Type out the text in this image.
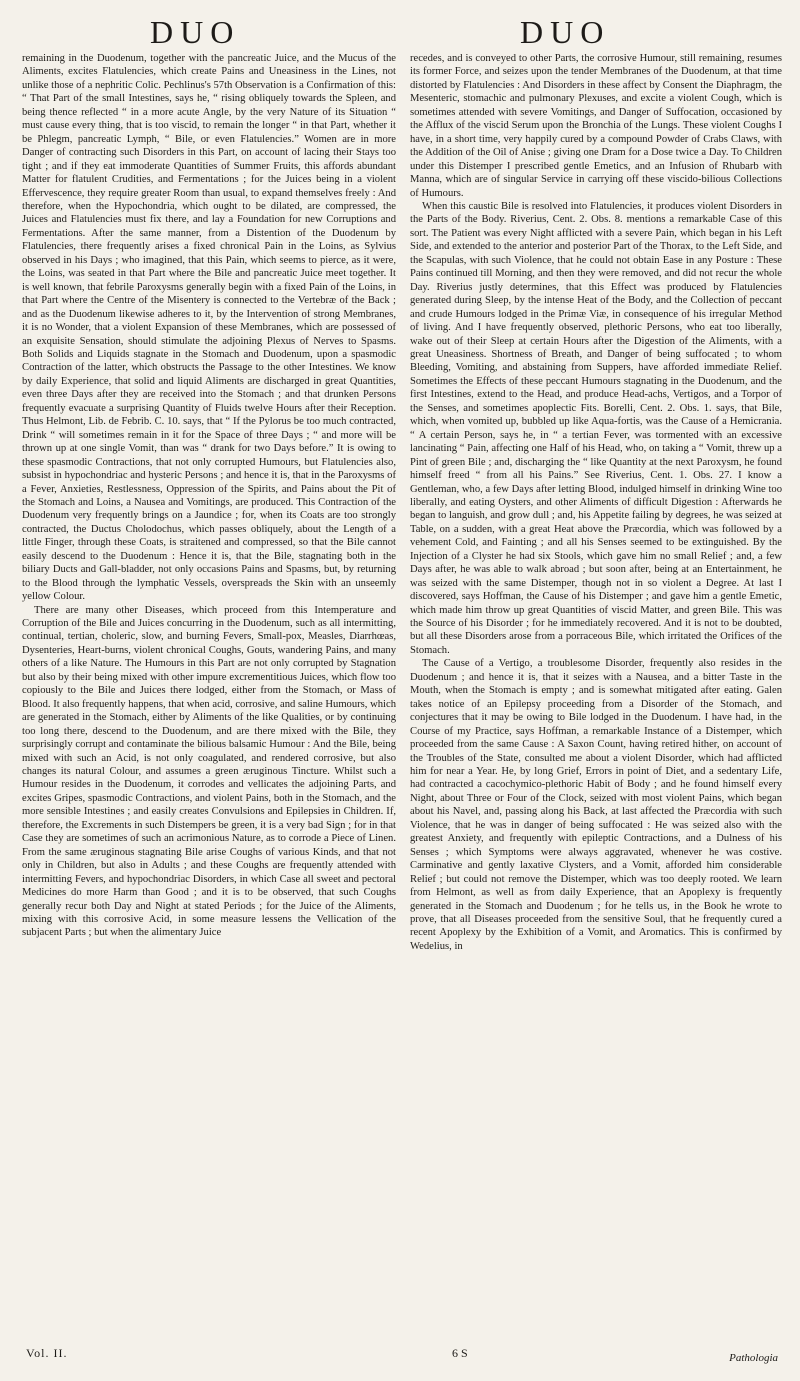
DUO	DUO

remaining in the Duodenum, together with the pancreatic Juice, and the Mucus of the Aliments, excites Flatulencies, which create Pains and Uneasiness in the Lines, not unlike those of a nephritic Colic. Pechlinus's 57th Observation is a Confirmation of this: “ That Part of the small Intestines, says he, “ rising obliquely towards the Spleen, and being thence reflected “ in a more acute Angle, by the very Nature of its Situation “ must cause every thing, that is too viscid, to remain the longer “ in that Part, whether it be Phlegm, pancreatic Lymph, “ Bile, or even Flatulencies.” Women are in more Danger of contracting such Disorders in this Part, on account of lacing their Stays too tight ; and if they eat immoderate Quantities of Summer Fruits, this affords abundant Matter for flatulent Crudities, and Fermentations ; for the Juices being in a violent Effervescence, they require greater Room than usual, to expand themselves freely : And therefore, when the Hypochondria, which ought to be dilated, are compressed, the Juices and Flatulencies must fix there, and lay a Foundation for new Corruptions and Fermentations. After the same manner, from a Distention of the Duodenum by Flatulencies, there frequently arises a fixed chronical Pain in the Loins, as Sylvius observed in his Days ; who imagined, that this Pain, which seems to pierce, as it were, the Loins, was seated in that Part where the Bile and pancreatic Juice meet together. It is well known, that febrile Paroxysms generally begin with a fixed Pain of the Loins, in that Part where the Centre of the Misentery is connected to the Vertebræ of the Back ; and as the Duodenum likewise adheres to it, by the Intervention of strong Membranes, it is no Wonder, that a violent Expansion of these Membranes, which are possessed of an exquisite Sensation, should stimulate the adjoining Plexus of Nerves to Spasms. Both Solids and Liquids stagnate in the Stomach and Duodenum, upon a spasmodic Contraction of the latter, which obstructs the Passage to the other Intestines. We know by daily Experience, that solid and liquid Aliments are discharged in great Quantities, even three Days after they are received into the Stomach ; and that drunken Persons frequently evacuate a surprising Quantity of Fluids twelve Hours after their Reception. Thus Helmont, Lib. de Febrib. C. 10. says, that “ If the Pylorus be too much contracted, Drink “ will sometimes remain in it for the Space of three Days ; “ and more will be thrown up at one single Vomit, than was “ drank for two Days before.” It is owing to these spasmodic Contractions, that not only corrupted Humours, but Flatulencies also, subsist in hypochondriac and hysteric Persons ; and hence it is, that in the Paroxysms of a Fever, Anxieties, Restlessness, Oppression of the Spirits, and Pains about the Pit of the Stomach and Loins, a Nausea and Vomitings, are produced. This Contraction of the Duodenum very frequently brings on a Jaundice ; for, when its Coats are too strongly contracted, the Ductus Cholodochus, which passes obliquely, about the Length of a little Finger, through these Coats, is straitened and compressed, so that the Bile cannot easily descend to the Duodenum : Hence it is, that the Bile, stagnating both in the biliary Ducts and Gall-bladder, not only occasions Pains and Spasms, but, by returning to the Blood through the lymphatic Vessels, overspreads the Skin with an unseemly yellow Colour.

There are many other Diseases, which proceed from this Intemperature and Corruption of the Bile and Juices concurring in the Duodenum, such as all intermitting, continual, tertian, choleric, slow, and burning Fevers, Small-pox, Measles, Diarrhœas, Dysenteries, Heart-burns, violent chronical Coughs, Gouts, wandering Pains, and many others of a like Nature. The Humours in this Part are not only corrupted by Stagnation but also by their being mixed with other impure excrementitious Juices, which flow too copiously to the Bile and Juices there lodged, either from the Stomach, or Mass of Blood. It also frequently happens, that when acid, corrosive, and saline Humours, which are generated in the Stomach, either by Aliments of the like Qualities, or by continuing too long there, descend to the Duodenum, and are there mixed with the Bile, they surprisingly corrupt and contaminate the bilious balsamic Humour : And the Bile, being mixed with such an Acid, is not only coagulated, and rendered corrosive, but also changes its natural Colour, and assumes a green æruginous Tincture. Whilst such a Humour resides in the Duodenum, it corrodes and vellicates the adjoining Parts, and excites Gripes, spasmodic Contractions, and violent Pains, both in the Stomach, and the more sensible Intestines ; and easily creates Convulsions and Epilepsies in Children. If, therefore, the Excrements in such Distempers be green, it is a very bad Sign ; for in that Case they are sometimes of such an acrimonious Nature, as to corrode a Piece of Linen. From the same æruginous stagnating Bile arise Coughs of various Kinds, and that not only in Children, but also in Adults ; and these Coughs are frequently attended with intermitting Fevers, and hypochondriac Disorders, in which Case all sweet and pectoral Medicines do more Harm than Good ; and it is to be observed, that such Coughs generally recur both Day and Night at stated Periods ; for the Juice of the Aliments, mixing with this corrosive Acid, in some measure lessens the Vellication of the subjacent Parts ; but when the alimentary Juice

recedes, and is conveyed to other Parts, the corrosive Humour, still remaining, resumes its former Force, and seizes upon the tender Membranes of the Duodenum, at that time distorted by Flatulencies : And Disorders in these affect by Consent the Diaphragm, the Mesenteric, stomachic and pulmonary Plexuses, and excite a violent Cough, which is sometimes attended with severe Vomitings, and Danger of Suffocation, occasioned by the Afflux of the viscid Serum upon the Bronchia of the Lungs. These violent Coughs I have, in a short time, very happily cured by a compound Powder of Crabs Claws, with the Addition of the Oil of Anise ; giving one Dram for a Dose twice a Day. To Children under this Distemper I prescribed gentle Emetics, and an Infusion of Rhubarb with Manna, which are of singular Service in carrying off these viscido-bilious Collections of Humours.

When this caustic Bile is resolved into Flatulencies, it produces violent Disorders in the Parts of the Body. Riverius, Cent. 2. Obs. 8. mentions a remarkable Case of this sort. The Patient was every Night afflicted with a severe Pain, which began in his Left Side, and extended to the anterior and posterior Part of the Thorax, to the Left Side, and the Scapulas, with such Violence, that he could not obtain Ease in any Posture : These Pains continued till Morning, and then they were removed, and did not recur the whole Day. Riverius justly determines, that this Effect was produced by Flatulencies generated during Sleep, by the intense Heat of the Body, and the Collection of peccant and crude Humours lodged in the Primæ Viæ, in consequence of his irregular Method of living. And I have frequently observed, plethoric Persons, who eat too liberally, wake out of their Sleep at certain Hours after the Digestion of the Aliments, with a great Uneasiness. Shortness of Breath, and Danger of being suffocated ; to whom Bleeding, Vomiting, and abstaining from Suppers, have afforded immediate Relief. Sometimes the Effects of these peccant Humours stagnating in the Duodenum, and the first Intestines, extend to the Head, and produce Head-achs, Vertigos, and a Torpor of the Senses, and sometimes apoplectic Fits. Borelli, Cent. 2. Obs. 1. says, that Bile, which, when vomited up, bubbled up like Aqua-fortis, was the Cause of a Hemicrania. “ A certain Person, says he, in “ a tertian Fever, was tormented with an excessive lancinating “ Pain, affecting one Half of his Head, who, on taking a “ Vomit, threw up a Pint of green Bile ; and, discharging the “ like Quantity at the next Paroxysm, he found himself freed “ from all his Pains.” See Riverius, Cent. 1. Obs. 27. I know a Gentleman, who, a few Days after letting Blood, indulged himself in drinking Wine too liberally, and eating Oysters, and other Aliments of difficult Digestion : Afterwards he began to languish, and grow dull ; and, his Appetite failing by degrees, he was seized at Table, on a sudden, with a great Heat above the Præcordia, which was followed by a vehement Cold, and Fainting ; and all his Senses seemed to be extinguished. By the Injection of a Clyster he had six Stools, which gave him no small Relief ; and, a few Days after, he was able to walk abroad ; but soon after, being at an Entertainment, he was seized with the same Distemper, though not in so violent a Degree. At last I discovered, says Hoffman, the Cause of his Distemper ; and gave him a gentle Emetic, which made him throw up great Quantities of viscid Matter, and green Bile. This was the Source of his Disorder ; for he immediately recovered. And it is not to be doubted, but all these Disorders arose from a porraceous Bile, which irritated the Orifices of the Stomach.

The Cause of a Vertigo, a troublesome Disorder, frequently also resides in the Duodenum ; and hence it is, that it seizes with a Nausea, and a bitter Taste in the Mouth, when the Stomach is empty ; and is somewhat mitigated after eating. Galen takes notice of an Epilepsy proceeding from a Disorder of the Stomach, and conjectures that it may be owing to Bile lodged in the Duodenum. I have had, in the Course of my Practice, says Hoffman, a remarkable Instance of a Distemper, which proceeded from the same Cause : A Saxon Count, having retired hither, on account of the Troubles of the State, consulted me about a violent Disorder, which had afflicted him for near a Year. He, by long Grief, Errors in point of Diet, and a sedentary Life, had contracted a cacochymico-plethoric Habit of Body ; and he found himself every Night, about Three or Four of the Clock, seized with most violent Pains, which began about his Navel, and, passing along his Back, at last affected the Præcordia with such Violence, that he was in danger of being suffocated : He was seized also with the greatest Anxiety, and frequently with epileptic Contractions, and a Dulness of his Senses ; which Symptoms were always aggravated, whenever he was costive. Carminative and gently laxative Clysters, and a Vomit, afforded him considerable Relief ; but could not remove the Distemper, which was too deeply rooted. We learn from Helmont, as well as from daily Experience, that an Apoplexy is frequently generated in the Stomach and Duodenum ; for he tells us, in the Book he wrote to prove, that all Diseases proceeded from the sensitive Soul, that he frequently cured a recent Apoplexy by the Exhibition of a Vomit, and Aromatics. This is confirmed by Wedelius, in

Vol. II.	6 S	Pathologia
